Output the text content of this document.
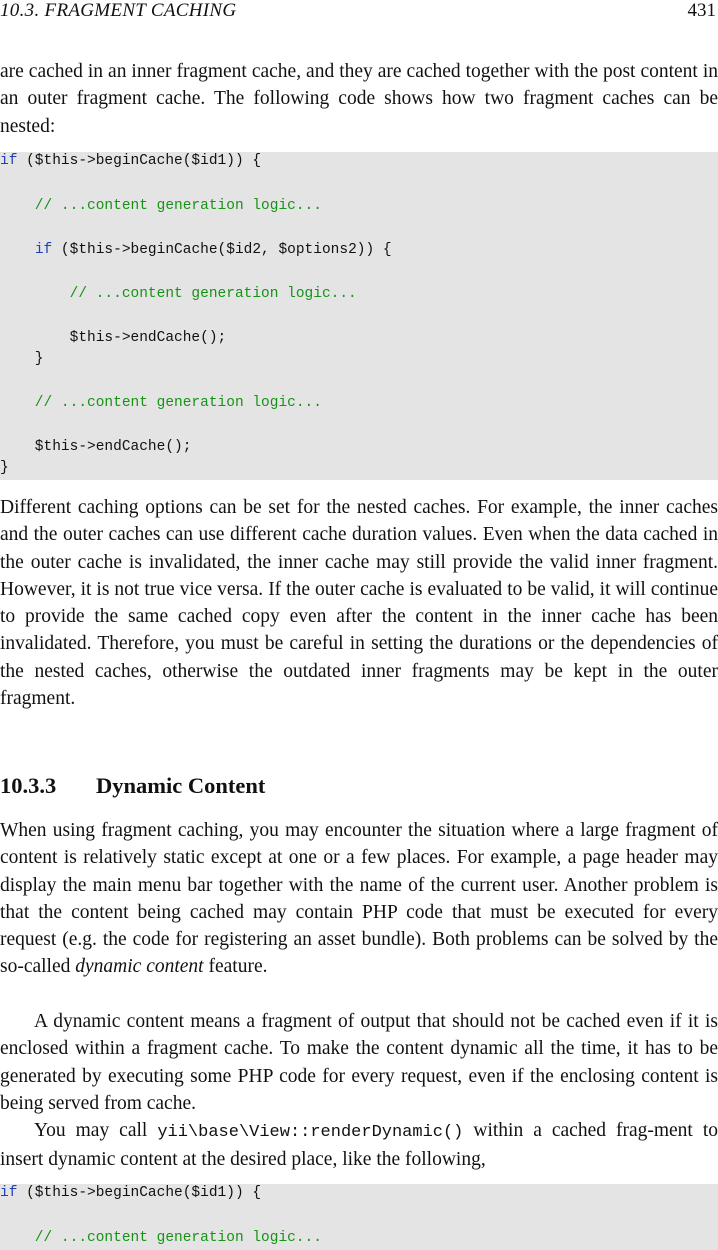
10.3. FRAGMENT CACHING	431

are cached in an inner fragment cache, and they are cached together with the post content in an outer fragment cache. The following code shows how two fragment caches can be nested:

if ($this->beginCache($id1)) {
// ...content generation logic...
if ($this->beginCache($id2, $options2)) {
// ...content generation logic...
$this->endCache();
}
// ...content generation logic...
$this->endCache();
}

Different caching options can be set for the nested caches. For example, the inner caches and the outer caches can use different cache duration values. Even when the data cached in the outer cache is invalidated, the inner cache may still provide the valid inner fragment. However, it is not true vice versa. If the outer cache is evaluated to be valid, it will continue to provide the same cached copy even after the content in the inner cache has been invalidated. Therefore, you must be careful in setting the durations or the dependencies of the nested caches, otherwise the outdated inner fragments may be kept in the outer fragment.

10.3.3 Dynamic Content

When using fragment caching, you may encounter the situation where a large fragment of content is relatively static except at one or a few places. For example, a page header may display the main menu bar together with the name of the current user. Another problem is that the content being cached may contain PHP code that must be executed for every request (e.g. the code for registering an asset bundle). Both problems can be solved by the so-called dynamic content feature.

A dynamic content means a fragment of output that should not be cached even if it is enclosed within a fragment cache. To make the content dynamic all the time, it has to be generated by executing some PHP code for every request, even if the enclosing content is being served from cache.

You may call yii\base\View::renderDynamic() within a cached frag-ment to insert dynamic content at the desired place, like the following,

if ($this->beginCache($id1)) {
// ...content generation logic...
